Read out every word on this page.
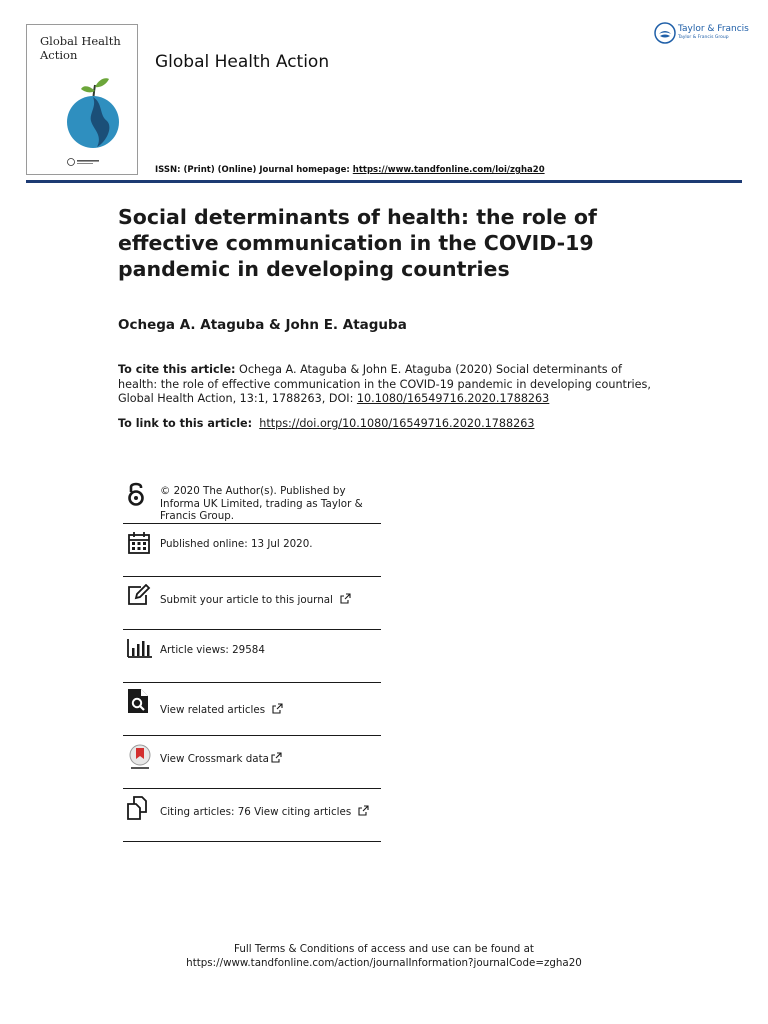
Global Health Action	Global Health Action
Taylor & Francis
Taylor & Francis Group
ISSN: (Print) (Online) Journal homepage: https://www.tandfonline.com/loi/zgha20
Social determinants of health: the role of effective communication in the COVID-19 pandemic in developing countries
Ochega A. Ataguba & John E. Ataguba
To cite this article: Ochega A. Ataguba & John E. Ataguba (2020) Social determinants of health: the role of effective communication in the COVID-19 pandemic in developing countries, Global Health Action, 13:1, 1788263, DOI: 10.1080/16549716.2020.1788263
To link to this article: https://doi.org/10.1080/16549716.2020.1788263
© 2020 The Author(s). Published by Informa UK Limited, trading as Taylor & Francis Group.
Published online: 13 Jul 2020.
Submit your article to this journal
Article views: 29584
View related articles
View Crossmark data
Citing articles: 76 View citing articles
Full Terms & Conditions of access and use can be found at
https://www.tandfonline.com/action/journalInformation?journalCode=zgha20
